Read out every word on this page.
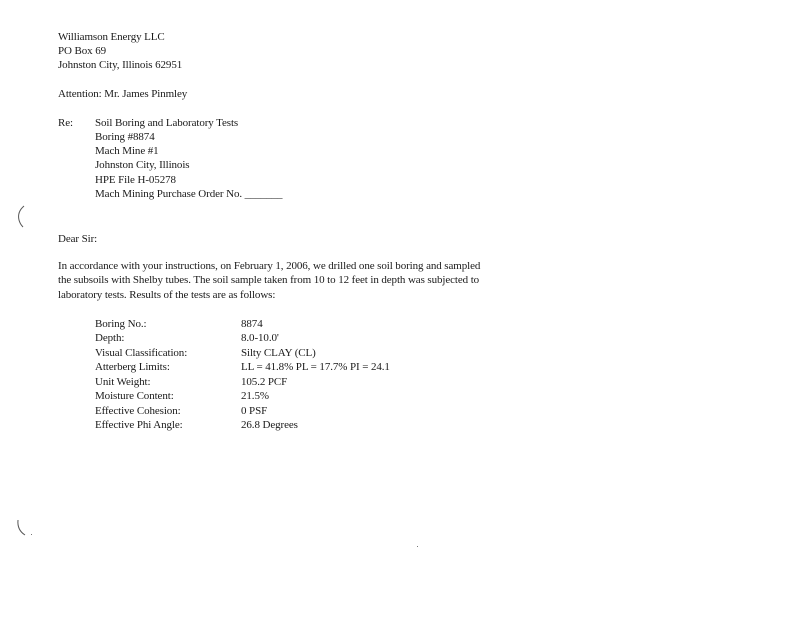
Williamson Energy LLC
PO Box 69
Johnston City, Illinois 62951
Attention: Mr. James Pinmley
Re: Soil Boring and Laboratory Tests
Boring #8874
Mach Mine #1
Johnston City, Illinois
HPE File H-05278
Mach Mining Purchase Order No. _______
Dear Sir:
In accordance with your instructions, on February 1, 2006, we drilled one soil boring and sampled
the subsoils with Shelby tubes. The soil sample taken from 10 to 12 feet in depth was subjected to
laboratory tests. Results of the tests are as follows:
Boring No.:	8874
Depth:	8.0-10.0'
Visual Classification:	Silty CLAY (CL)
Atterberg Limits:	LL = 41.8% PL = 17.7% PI = 24.1
Unit Weight:	105.2 PCF
Moisture Content:	21.5%
Effective Cohesion:	0 PSF
Effective Phi Angle:	26.8 Degrees
